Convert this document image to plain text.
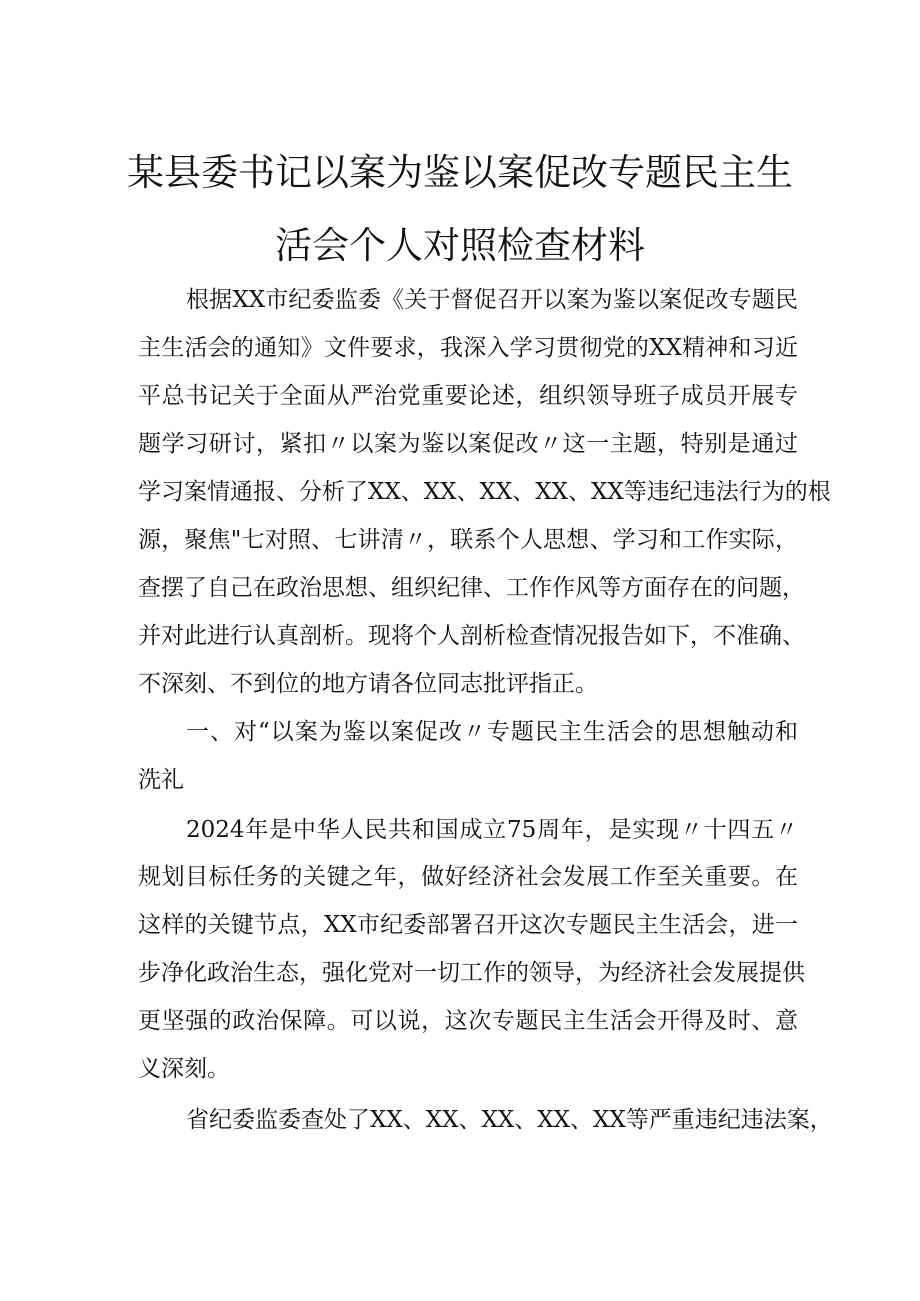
某县委书记以案为鉴以案促改专题民主生
活会个人对照检查材料

根据XX市纪委监委《关于督促召开以案为鉴以案促改专题民

主生活会的通知》文件要求，我深入学习贯彻党的XX精神和习近

平总书记关于全面从严治党重要论述，组织领导班子成员开展专

题学习研讨，紧扣〃以案为鉴以案促改〃这一主题，特别是通过

学习案情通报、分析了XX、XX、XX、XX、XX等违纪违法行为的根

源，聚焦"七对照、七讲清〃，联系个人思想、学习和工作实际，

查摆了自己在政治思想、组织纪律、工作作风等方面存在的问题，

并对此进行认真剖析。现将个人剖析检查情况报告如下，不准确、

不深刻、不到位的地方请各位同志批评指正。

一、对“以案为鉴以案促改〃专题民主生活会的思想触动和

洗礼

2024年是中华人民共和国成立75周年，是实现〃十四五〃

规划目标任务的关键之年，做好经济社会发展工作至关重要。在

这样的关键节点，XX市纪委部署召开这次专题民主生活会，进一

步净化政治生态，强化党对一切工作的领导，为经济社会发展提供

更坚强的政治保障。可以说，这次专题民主生活会开得及时、意

义深刻。

省纪委监委查处了XX、XX、XX、XX、XX等严重违纪违法案，
